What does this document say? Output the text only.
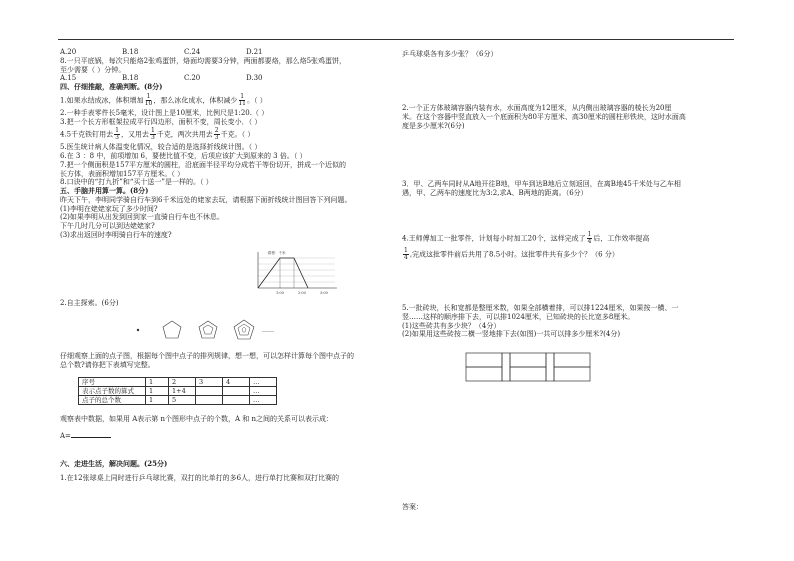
A.20	B.18	C.24	D.21

8.一只平底锅，每次只能烙2张鸡蛋饼，烙面均需要3分钟，两面都要烙，那么烙5张鸡蛋饼，

至少需要（ ）分钟。

A.15	B.18	C.20	D.30

四、仔细推敲，准确判断。(8分)

1.如果水结成冰，体积增加 $\frac{1}{10}$ ，那么冰化成水，体积减少 $\frac{1}{11}$ 。（ ）

2.一种手表零件长5毫米，设计图上是10厘米，比例尺是1:20.（ ）

3.把一个长方形框架拉成平行四边形，面积不变，周长变小．（ ）

4.5千克铁钉用去 $\frac{1}{3}$ ，又用去 $\frac{1}{3}$ 千克，两次共用去 $\frac{2}{3}$ 千克。（ ）

5.医生统计病人体温变化情况，较合适的是选择折线统计图。（ ）

6.在 3 ：8 中，前项增加 6，要使比值不变，后项应该扩大到原来的 3 倍。（ ）

7.把一个侧面积是157平方厘米的圆柱，沿底面半径平均分成若干等份切开，拼成一个近似的

长方体，表面积增加157平方厘米。（ ）

8.口诀中的“打九折”和“买十送一”是一样的。（ ）

五、手脑并用算一算。(8分)

昨天下午，李明同学骑自行车到6千米远处的姥家去玩，请根据下面折线统计图回答下列问题。

(1)李明在姥姥家玩了多少时间?

(2)如果李明从出发到回到家一直骑自行车也不休息。

下午几时几分可以到达姥姥家?

(3)求出返回时李明骑自行车的速度?

路程：千米
1:00	2:00	3:00

2.自主探索。(6分)

……

仔细观察上面的点子图，根据每个图中点子的排列规律，想一想，可以怎样计算每个图中点子的

总个数?请你把下表填写完整。

序号	1	2	3	4	…
表示点子数的算式	1	1+4			…
点子的总个数	1	5			…

观察表中数据，如果用 A表示第 n个图形中点子的个数，A 和 n之间的关系可以表示成：

A=

六、走进生活，解决问题。(25分)

1.在12张球桌上同时进行乒乓球比赛，双打的比单打的多6人，进行单打比赛和双打比赛的

乒乓球桌各有多少张？（6分）

2.一个正方体玻璃容器内装有水，水面高度为12厘米，从内侧出玻璃容器的棱长为20厘

米。在这个容器中竖直放入一个底面积为80平方厘米、高30厘米的圆柱形铁块，这时水面高

度是多少厘米?(6分)

3．甲、乙两车同时从A地开往B地，甲车到达B地后立刻返回，在离B地45千米处与乙车相

遇，甲、乙两车的速度比为3:2,求A、B两地的距离。（6分）

4.王师傅加工一批零件，计划每小时加工20个，这样完成了 $\frac{1}{4}$ 后，工作效率提高

$\frac{1}{4}$ ,完成这批零件前后共用了8.5小时。这批零件共有多少个？（6 分）

5.一批砖块，长和宽都是整厘米数，如果全部横着排，可以排1224厘米，如果按一横、一

竖……这样的顺序排下去，可以排1024厘米，已知砖块的长比宽多8厘米。

(1)这些砖共有多少块？（4分）

(2)如果用这些砖按二横一竖地排下去(如图)一共可以排多少厘米?(4分)

答案：
